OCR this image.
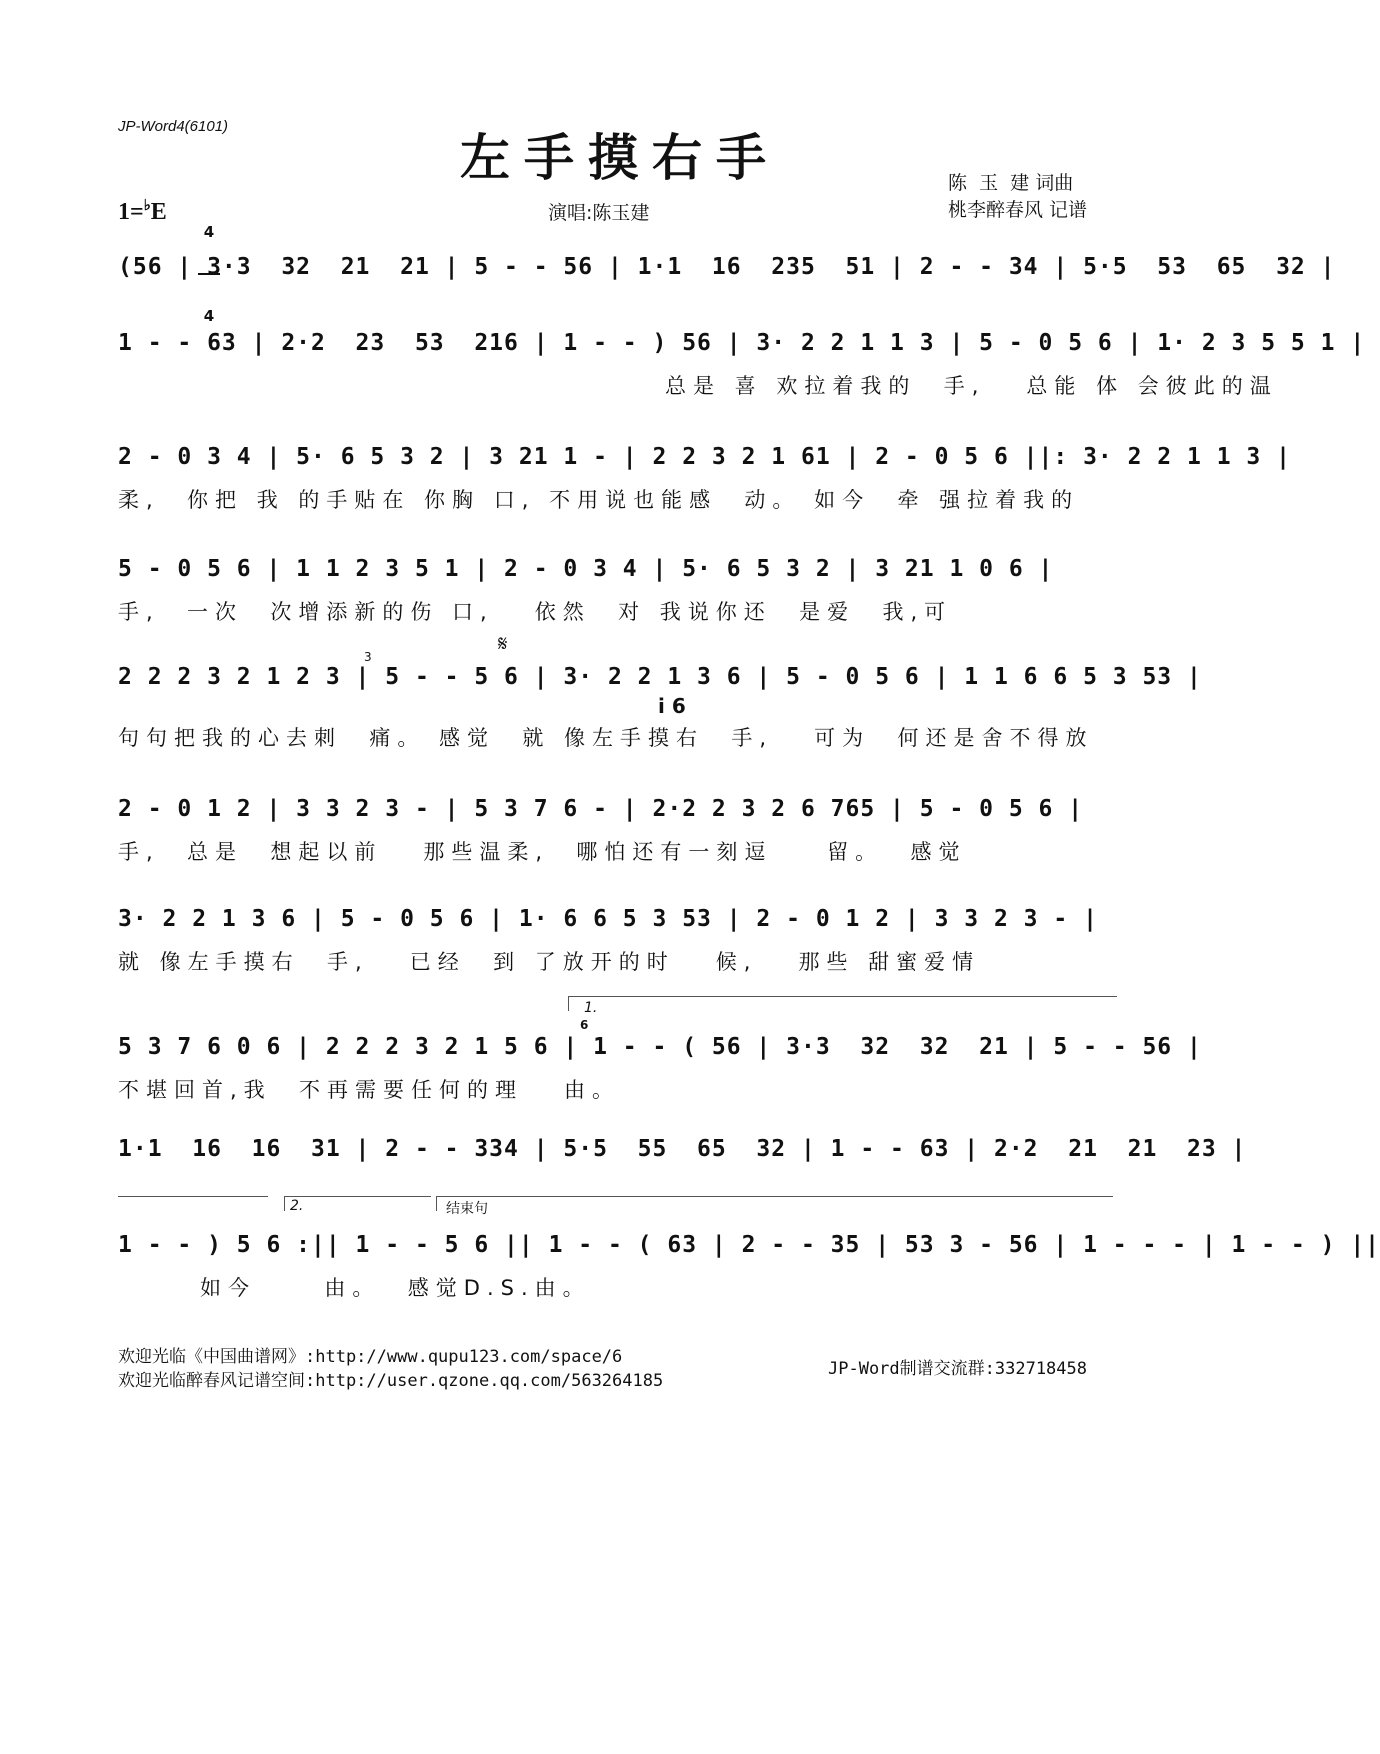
JP-Word4(6101)
左手摸右手	陈  玉  建 词曲
桃李醉春风 记谱
1=♭E

4

4

演唱:陈玉建
(56 | 3·3  32  21  21 | 5 - - 56 | 1·1  16  235  51 | 2 - - 34 | 5·5  53  65  32 |
1 - - 63 | 2·2  23  53  216 | 1 - - ) 56 | 3· 2 2 1 1 3 | 5 - 0 5 6 | 1· 2 3 5 5 1 |
总是 喜 欢拉着我的  手,   总能 体 会彼此的温
2 - 0 3 4 | 5· 6 5 3 2 | 3 21 1 - | 2 2 3 2 1 61 | 2 - 0 5 6 ||: 3· 2 2 1 1 3 |
柔,  你把 我 的手贴在 你胸 口, 不用说也能感  动。 如今  牵 强拉着我的
5 - 0 5 6 | 1 1 2 3 5 1 | 2 - 0 3 4 | 5· 6 5 3 2 | 3 21 1 0 6 |
手,  一次  次增添新的伤 口,   依然  对 我说你还  是爱  我,可
2 2 2 3 2 1 2 3 | 5 - - 5 6 | 3· 2 2 1 3 6 | 5 - 0 5 6 | 1 1 6 6 5 3 53 |
句句把我的心去刺  痛。 感觉  就 像左手摸右  手,   可为  何还是舍不得放
2 - 0 1 2 | 3 3 2 3 - | 5 3 7 6 - | 2·2 2 3 2 6 765 | 5 - 0 5 6 |
手,  总是  想起以前   那些温柔,  哪怕还有一刻逗    留。  感觉
3· 2 2 1 3 6 | 5 - 0 5 6 | 1· 6 6 5 3 53 | 2 - 0 1 2 | 3 3 2 3 - |
就 像左手摸右  手,   已经  到 了放开的时   候,   那些 甜蜜爱情
5 3 7 6 0 6 | 2 2 2 3 2 1 5 6 | 1 - - ( 56 | 3·3  32  32  21 | 5 - - 56 |
不堪回首,我  不再需要任何的理   由。
1·1  16  16  31 | 2 - - 334 | 5·5  55  65  32 | 1 - - 63 | 2·2  21  21  23 |
1 - - ) 5 6 :|| 1 - - 5 6 || 1 - - ( 63 | 2 - - 35 | 53 3 - 56 | 1 - - - | 1 - - ) ||
如今     由。  感觉D.S.由。
𝄋
3
i 6
1.
6
2.	结束句
欢迎光临《中国曲谱网》:http://www.qupu123.com/space/6
欢迎光临醉春风记谱空间:http://user.qzone.qq.com/563264185
JP-Word制谱交流群:332718458
